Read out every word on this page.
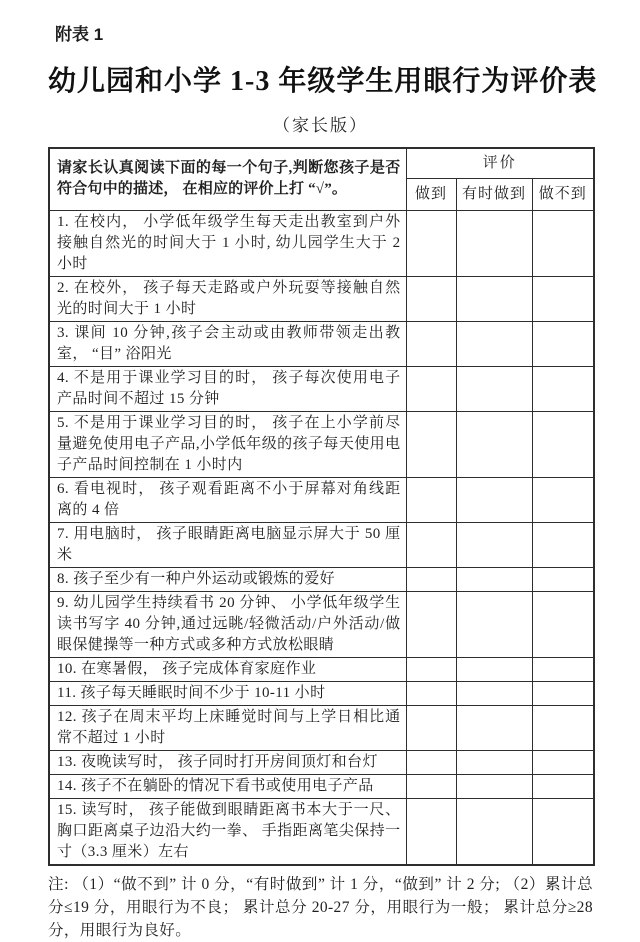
附表 1
幼儿园和小学 1-3 年级学生用眼行为评价表
（家长版）
请家长认真阅读下面的每一个句子,判断您孩子是否符合句中的描述， 在相应的评价上打 “√”。	评价		
	做到	有时做到	做不到
1. 在校内， 小学低年级学生每天走出教室到户外接触自然光的时间大于 1 小时, 幼儿园学生大于 2 小时			
2. 在校外， 孩子每天走路或户外玩耍等接触自然光的时间大于 1 小时			
3. 课间 10 分钟,孩子会主动或由教师带领走出教室， “目” 浴阳光			
4. 不是用于课业学习目的时， 孩子每次使用电子产品时间不超过 15 分钟			
5. 不是用于课业学习目的时， 孩子在上小学前尽量避免使用电子产品,小学低年级的孩子每天使用电子产品时间控制在 1 小时内			
6. 看电视时， 孩子观看距离不小于屏幕对角线距离的 4 倍			
7. 用电脑时， 孩子眼睛距离电脑显示屏大于 50 厘米			
8. 孩子至少有一种户外运动或锻炼的爱好			
9. 幼儿园学生持续看书 20 分钟、 小学低年级学生读书写字 40 分钟,通过远眺/轻微活动/户外活动/做眼保健操等一种方式或多种方式放松眼睛			
10. 在寒暑假， 孩子完成体育家庭作业			
11. 孩子每天睡眠时间不少于 10-11 小时			
12. 孩子在周末平均上床睡觉时间与上学日相比通常不超过 1 小时			
13. 夜晚读写时， 孩子同时打开房间顶灯和台灯			
14. 孩子不在躺卧的情况下看书或使用电子产品			
15. 读写时， 孩子能做到眼睛距离书本大于一尺、 胸口距离桌子边沿大约一拳、 手指距离笔尖保持一寸（3.3 厘米）左右			

注: （1）“做不到” 计 0 分，“有时做到” 计 1 分，“做到” 计 2 分; （2）累计总分≤19 分，用眼行为不良； 累计总分 20-27 分，用眼行为一般； 累计总分≥28分，用眼行为良好。
